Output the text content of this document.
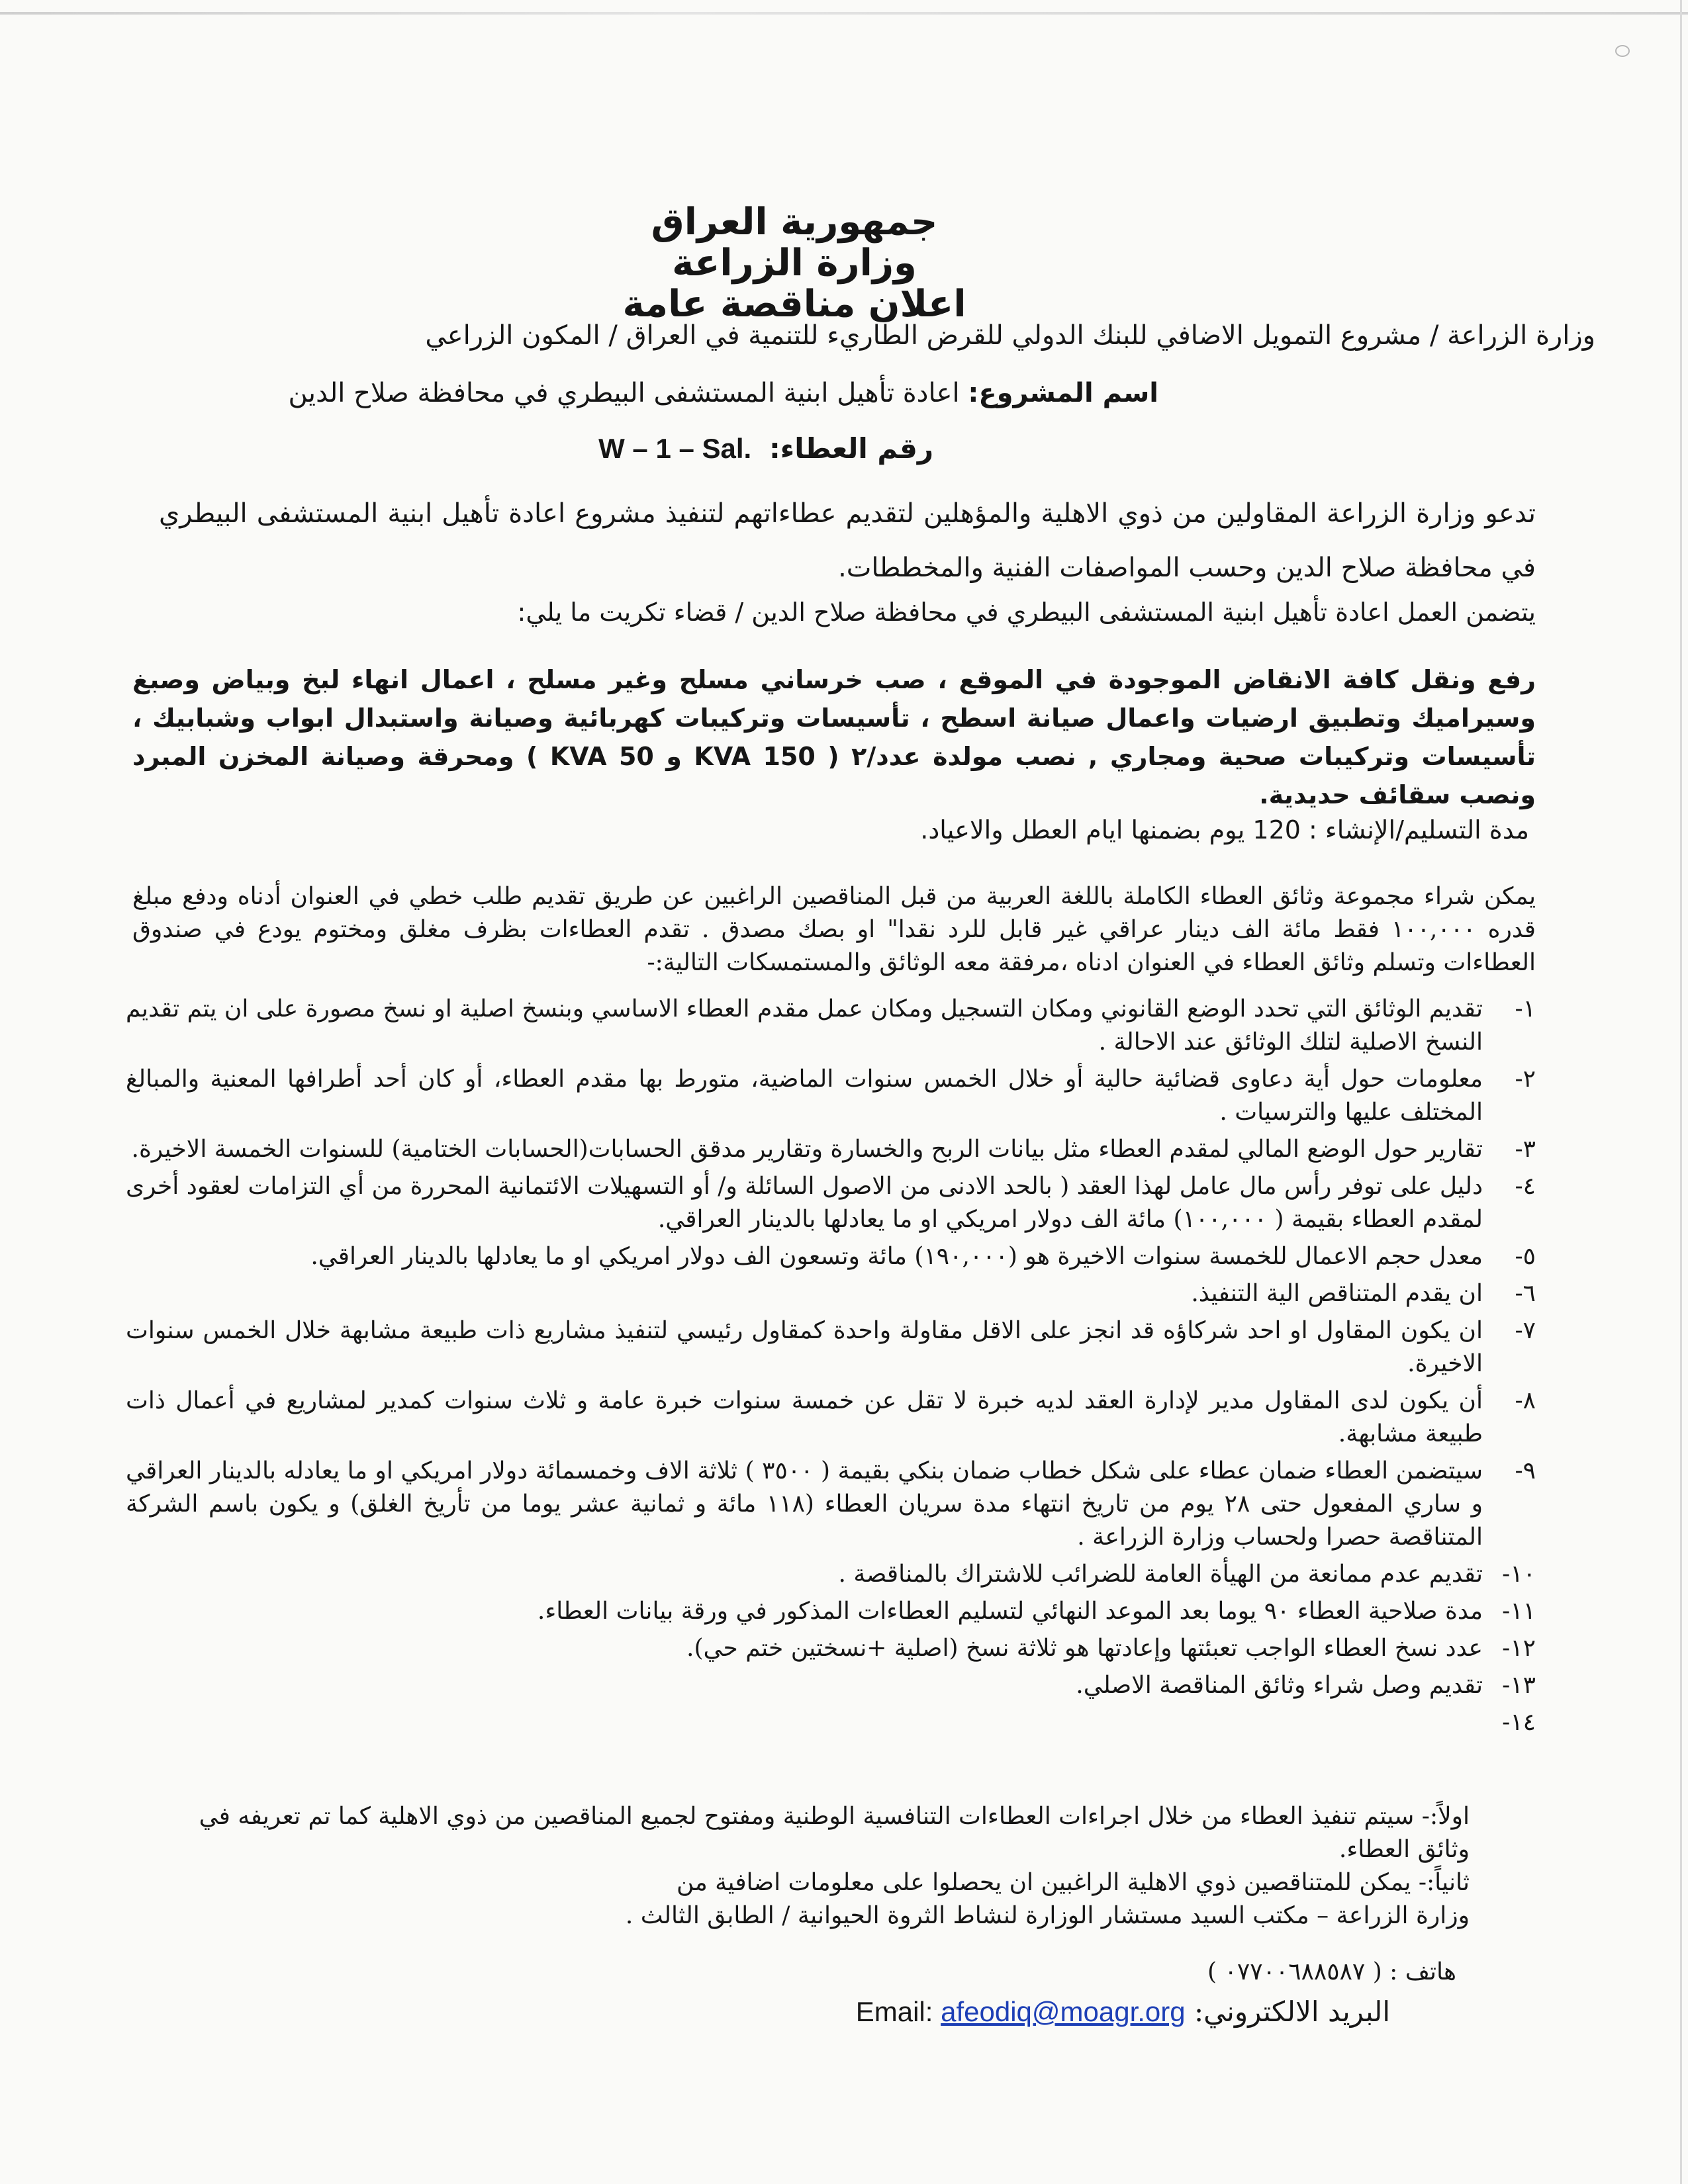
جمهورية العراق

وزارة الزراعة

اعلان مناقصة عامة

وزارة الزراعة / مشروع التمويل الاضافي للبنك الدولي للقرض الطاريء للتنمية في العراق / المكون الزراعي
اسم المشروع: اعادة تأهيل ابنية المستشفى البيطري في محافظة صلاح الدين
رقم العطاء:  W – 1 – Sal.
تدعو وزارة الزراعة المقاولين من ذوي الاهلية والمؤهلين لتقديم عطاءاتهم لتنفيذ مشروع اعادة تأهيل ابنية المستشفى البيطري في محافظة صلاح الدين وحسب المواصفات الفنية والمخططات.
يتضمن العمل اعادة تأهيل ابنية المستشفى البيطري في محافظة صلاح الدين / قضاء تكريت ما يلي:
رفع ونقل كافة الانقاض الموجودة في الموقع ، صب خرساني مسلح وغير مسلح ، اعمال انهاء لبخ وبياض وصبغ وسيراميك وتطبيق ارضيات واعمال صيانة اسطح ، تأسيسات وتركيبات كهربائية وصيانة واستبدال ابواب وشبابيك ، تأسيسات وتركيبات صحية ومجاري , نصب مولدة عدد/٢ ( 150 KVA و 50 KVA ) ومحرقة وصيانة المخزن المبرد ونصب سقائف حديدية.
مدة التسليم/الإنشاء : 120 يوم بضمنها ايام العطل والاعياد.
يمكن شراء مجموعة وثائق العطاء الكاملة باللغة العربية من قبل المناقصين الراغبين عن طريق تقديم طلب خطي في العنوان أدناه ودفع مبلغ قدره ١٠٠,٠٠٠ فقط مائة الف دينار عراقي غير قابل للرد نقدا" او بصك مصدق . تقدم العطاءات بظرف مغلق ومختوم يودع في صندوق العطاءات وتسلم وثائق العطاء في العنوان ادناه ،مرفقة معه الوثائق والمستمسكات التالية:-
١-
تقديم الوثائق التي تحدد الوضع القانوني ومكان التسجيل ومكان عمل مقدم العطاء الاساسي وبنسخ اصلية او نسخ مصورة على ان يتم تقديم النسخ الاصلية لتلك الوثائق عند الاحالة .
٢-
معلومات حول أية دعاوى قضائية حالية أو خلال الخمس سنوات الماضية، متورط بها مقدم العطاء، أو كان أحد أطرافها المعنية والمبالغ المختلف عليها والترسيات .
٣-
تقارير حول الوضع المالي لمقدم العطاء مثل بيانات الربح والخسارة وتقارير مدقق الحسابات(الحسابات الختامية) للسنوات الخمسة الاخيرة.
٤-
دليل على توفر رأس مال عامل لهذا العقد ( بالحد الادنى من الاصول السائلة و/ أو التسهيلات الائتمانية المحررة من أي التزامات لعقود أخرى لمقدم العطاء بقيمة ( ١٠٠,٠٠٠) مائة الف دولار امريكي او ما يعادلها بالدينار العراقي.
٥-
معدل حجم الاعمال للخمسة سنوات الاخيرة هو (١٩٠,٠٠٠) مائة وتسعون الف دولار امريكي او ما يعادلها بالدينار العراقي.
٦-
ان يقدم المتناقص الية التنفيذ.
٧-
ان يكون المقاول او احد شركاؤه قد انجز على الاقل مقاولة واحدة كمقاول رئيسي لتنفيذ مشاريع ذات طبيعة مشابهة خلال الخمس سنوات الاخيرة.
٨-
أن يكون لدى المقاول مدير لإدارة العقد لديه خبرة لا تقل عن خمسة سنوات خبرة عامة و ثلاث سنوات كمدير لمشاريع في أعمال ذات طبيعة مشابهة.
٩-
سيتضمن العطاء ضمان عطاء على شكل خطاب ضمان بنكي بقيمة ( ٣٥٠٠ ) ثلاثة الاف وخمسمائة دولار امريكي او ما يعادله بالدينار العراقي و ساري المفعول حتى ٢٨ يوم من تاريخ انتهاء مدة سريان العطاء (١١٨ مائة و ثمانية عشر يوما من تأريخ الغلق) و يكون باسم الشركة المتناقصة حصرا ولحساب وزارة الزراعة .
١٠-
تقديم عدم ممانعة من الهيأة العامة للضرائب للاشتراك بالمناقصة .
١١-
مدة صلاحية العطاء ٩٠ يوما بعد الموعد النهائي لتسليم العطاءات المذكور في ورقة بيانات العطاء.
١٢-
عدد نسخ العطاء الواجب تعبئتها وإعادتها هو ثلاثة نسخ (اصلية +نسختين ختم حي).
١٣-
تقديم وصل شراء وثائق المناقصة الاصلي.
١٤-

اولاً:- سيتم تنفيذ العطاء من خلال اجراءات العطاءات التنافسية الوطنية ومفتوح لجميع المناقصين من ذوي الاهلية كما تم تعريفه في وثائق العطاء.

ثانياً:- يمكن للمتناقصين ذوي الاهلية الراغبين ان يحصلوا على معلومات اضافية من

وزارة الزراعة – مكتب السيد مستشار الوزارة لنشاط الثروة الحيوانية / الطابق الثالث .

هاتف : ( ٠٧٧٠٠٦٨٨٥٨٧ )
البريد الالكتروني: Email: afeodiq@moagr.org
